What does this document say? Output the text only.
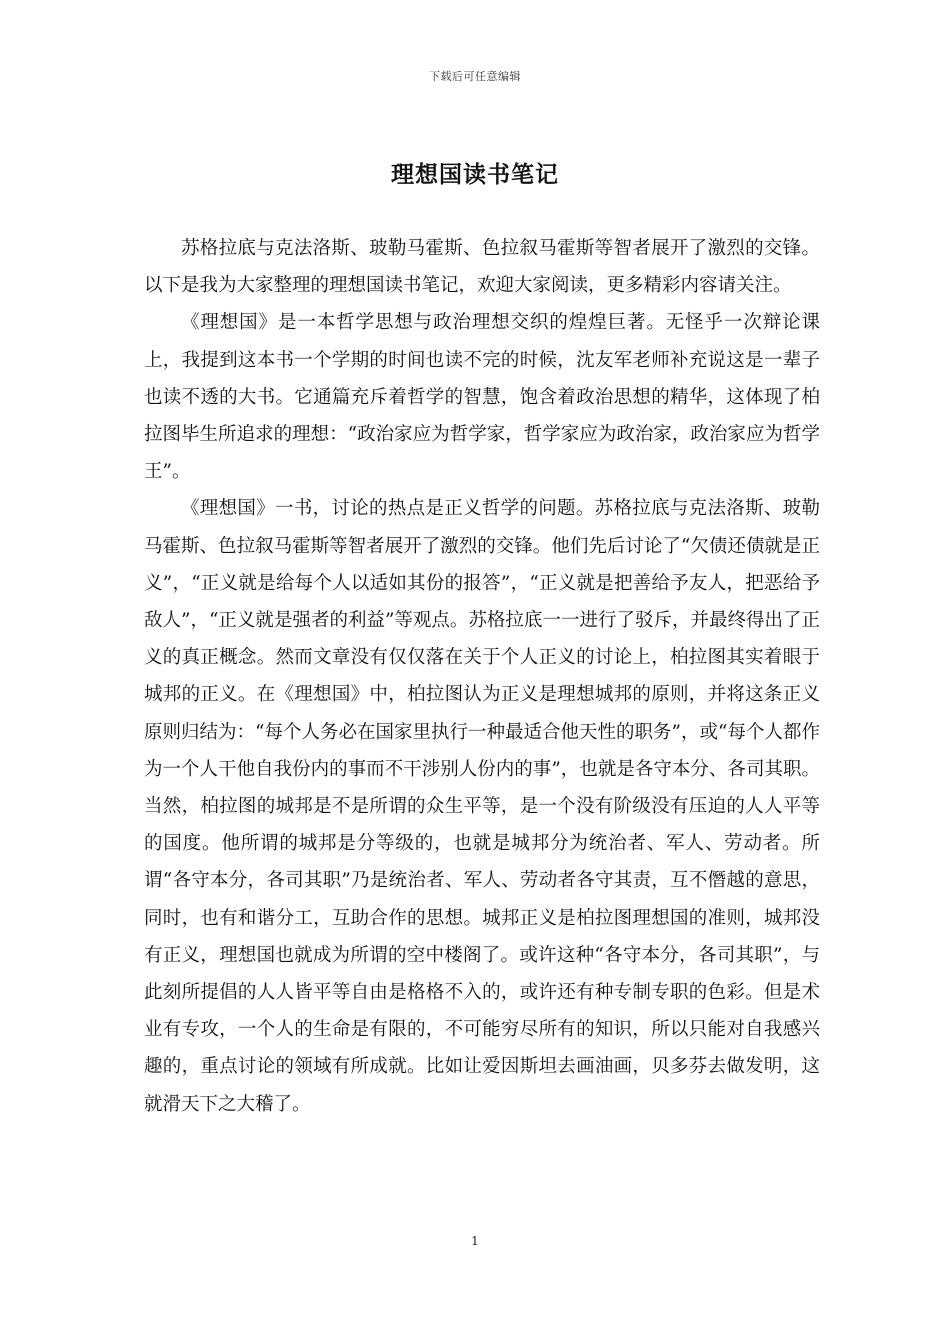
下载后可任意编辑
理想国读书笔记

苏格拉底与克法洛斯、玻勒马霍斯、色拉叙马霍斯等智者展开了激烈的交锋。以下是我为大家整理的理想国读书笔记，欢迎大家阅读，更多精彩内容请关注。

《理想国》是一本哲学思想与政治理想交织的煌煌巨著。无怪乎一次辩论课上，我提到这本书一个学期的时间也读不完的时候，沈友军老师补充说这是一辈子也读不透的大书。它通篇充斥着哲学的智慧，饱含着政治思想的精华，这体现了柏拉图毕生所追求的理想：“政治家应为哲学家，哲学家应为政治家，政治家应为哲学王”。

《理想国》一书，讨论的热点是正义哲学的问题。苏格拉底与克法洛斯、玻勒马霍斯、色拉叙马霍斯等智者展开了激烈的交锋。他们先后讨论了“欠债还债就是正义”，“正义就是给每个人以适如其份的报答”，“正义就是把善给予友人，把恶给予敌人”，“正义就是强者的利益”等观点。苏格拉底一一进行了驳斥，并最终得出了正义的真正概念。然而文章没有仅仅落在关于个人正义的讨论上，柏拉图其实着眼于城邦的正义。在《理想国》中，柏拉图认为正义是理想城邦的原则，并将这条正义原则归结为：“每个人务必在国家里执行一种最适合他天性的职务”，或“每个人都作为一个人干他自我份内的事而不干涉别人份内的事”，也就是各守本分、各司其职。当然，柏拉图的城邦是不是所谓的众生平等，是一个没有阶级没有压迫的人人平等的国度。他所谓的城邦是分等级的，也就是城邦分为统治者、军人、劳动者。所谓“各守本分，各司其职”乃是统治者、军人、劳动者各守其责，互不僭越的意思，同时，也有和谐分工，互助合作的思想。城邦正义是柏拉图理想国的准则，城邦没有正义，理想国也就成为所谓的空中楼阁了。或许这种“各守本分，各司其职”，与此刻所提倡的人人皆平等自由是格格不入的，或许还有种专制专职的色彩。但是术业有专攻，一个人的生命是有限的，不可能穷尽所有的知识，所以只能对自我感兴趣的，重点讨论的领域有所成就。比如让爱因斯坦去画油画，贝多芬去做发明，这就滑天下之大稽了。

1
